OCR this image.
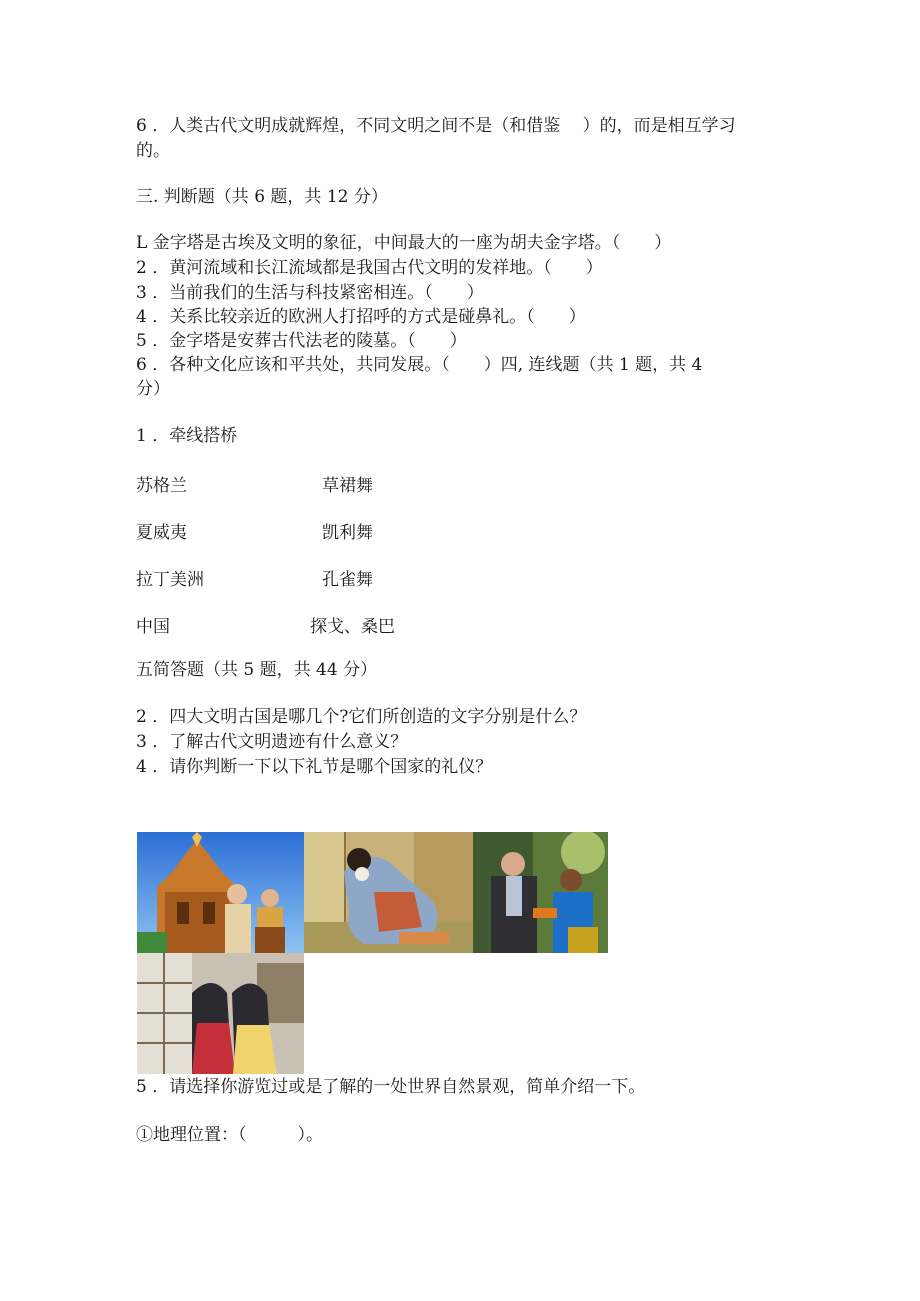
6 ．人类古代文明成就辉煌，不同文明之间不是（和借鉴　 ）的，而是相互学习
的。
三. 判断题（共 6 题，共 12 分）
L 金字塔是古埃及文明的象征，中间最大的一座为胡夫金字塔。（　　）
2 ．黄河流域和长江流域都是我国古代文明的发祥地。（　　）
3 ．当前我们的生活与科技紧密相连。（　　）
4 ．关系比较亲近的欧洲人打招呼的方式是碰鼻礼。（　　）
5 ．金字塔是安葬古代法老的陵墓。（　　）
6 ．各种文化应该和平共处，共同发展。（　　）四, 连线题（共 1 题，共 4
分）
1 ．牵线搭桥
苏格兰	草裙舞
夏威夷	凯利舞
拉丁美洲	孔雀舞
中国	探戈、桑巴
五简答题（共 5 题，共 44 分）
2 ．四大文明古国是哪几个?它们所创造的文字分别是什么？
3 ．了解古代文明遗迹有什么意义？
4 ．请你判断一下以下礼节是哪个国家的礼仪？
5 ．请选择你游览过或是了解的一处世界自然景观，简单介绍一下。
①地理位置：（　　　）。
